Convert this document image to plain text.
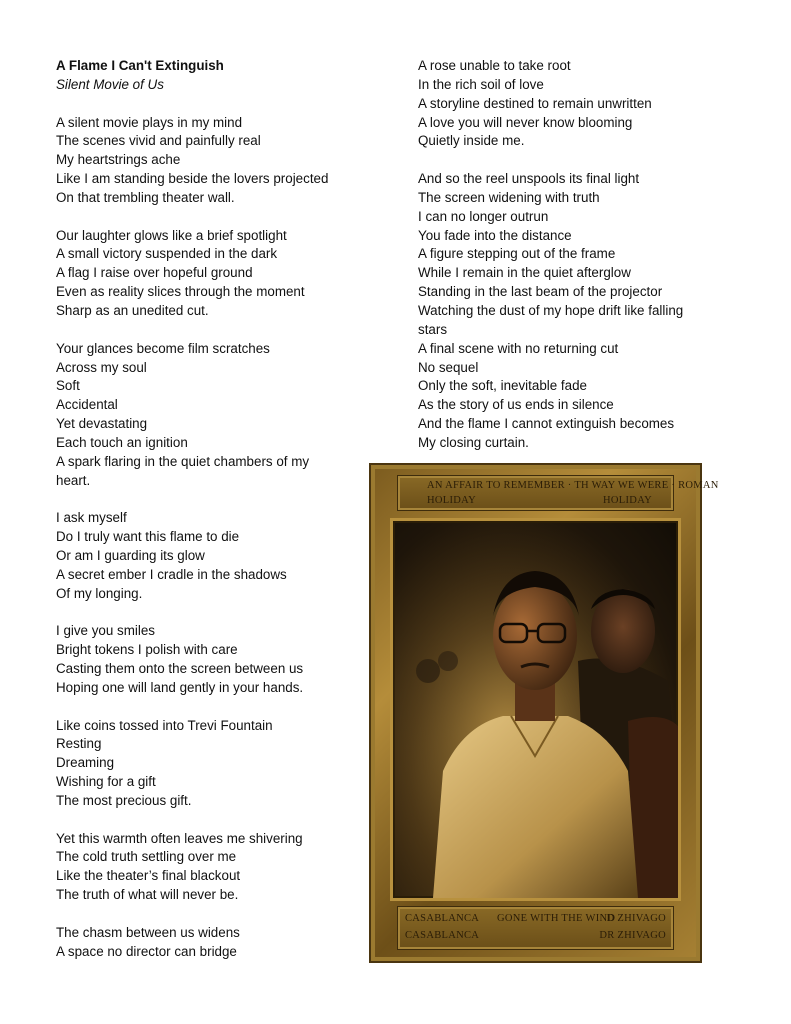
A Flame I Can't Extinguish
Silent Movie of Us
A silent movie plays in my mind
The scenes vivid and painfully real
My heartstrings ache
Like I am standing beside the lovers projected
On that trembling theater wall.
Our laughter glows like a brief spotlight
A small victory suspended in the dark
A flag I raise over hopeful ground
Even as reality slices through the moment
Sharp as an unedited cut.
Your glances become film scratches
Across my soul
Soft
Accidental
Yet devastating
Each touch an ignition
A spark flaring in the quiet chambers of my
heart.
I ask myself
Do I truly want this flame to die
Or am I guarding its glow
A secret ember I cradle in the shadows
Of my longing.
I give you smiles
Bright tokens I polish with care
Casting them onto the screen between us
Hoping one will land gently in your hands.
Like coins tossed into Trevi Fountain
Resting
Dreaming
Wishing for a gift
The most precious gift.
Yet this warmth often leaves me shivering
The cold truth settling over me
Like the theater’s final blackout
The truth of what will never be.
The chasm between us widens
A space no director can bridge
A rose unable to take root
In the rich soil of love
A storyline destined to remain unwritten
A love you will never know blooming
Quietly inside me.
And so the reel unspools its final light
The screen widening with truth
I can no longer outrun
You fade into the distance
A figure stepping out of the frame
While I remain in the quiet afterglow
Standing in the last beam of the projector
Watching the dust of my hope drift like falling
stars
A final scene with no returning cut
No sequel
Only the soft, inevitable fade
As the story of us ends in silence
And the flame I cannot extinguish becomes
My closing curtain.
AN AFFAIR TO REMEMBER · TH WAY WE WERE · ROMAN
HOLIDAY	HOLIDAY
CASABLANCA GONE WITH THE WIND
D ZHIVAGO
CASABLANCA	DR ZHIVAGO
